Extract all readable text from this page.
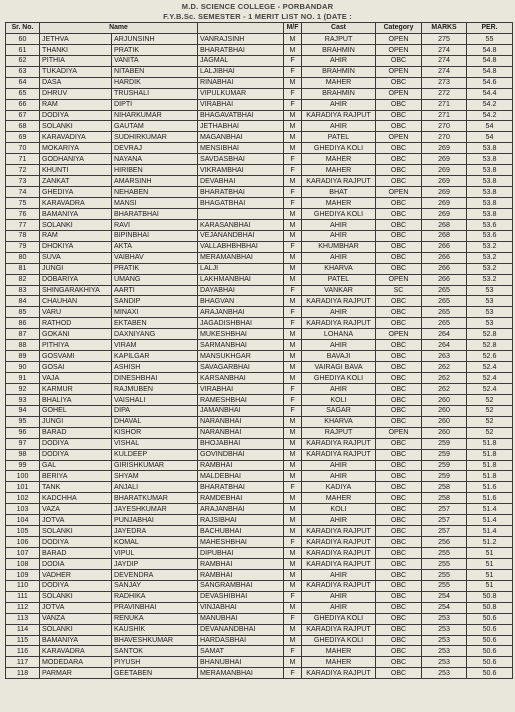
M.D. SCIENCE COLLEGE - PORBANDAR
F.Y.B.Sc. SEMESTER - 1 MERIT LIST NO. 1 (DATE :
Sr. No.	Name			M/F	Cast	Category	MARKS	PER.
60	JETHVA	ARJUNSINH	VANRAJSINH	M	RAJPUT	OPEN	275	55
61	THANKI	PRATIK	BHARATBHAI	M	BRAHMIN	OPEN	274	54.8
62	PITHIA	VANITA	JAGMAL	F	AHIR	OBC	274	54.8
63	TUKADIYA	NITABEN	LALJIBHAI	F	BRAHMIN	OPEN	274	54.8
64	DASA	HARDIK	RINABHAI	M	MAHER	OBC	273	54.6
65	DHRUV	TRUSHALI	VIPULKUMAR	F	BRAHMIN	OPEN	272	54.4
66	RAM	DIPTI	VIRABHAI	F	AHIR	OBC	271	54.2
67	DODIYA	NIHARKUMAR	BHAGAVATBHAI	M	KARADIYA RAJPUT	OBC	271	54.2
68	SOLANKI	GAUTAM	JETHABHAI	M	AHIR	OBC	270	54
69	KARAVADIYA	SUDHIRKUMAR	MAGANBHAI	M	PATEL	OPEN	270	54
70	MOKARIYA	DEVRAJ	MENSIBHAI	M	GHEDIYA KOLI	OBC	269	53.8
71	GODHANIYA	NAYANA	SAVDASBHAI	F	MAHER	OBC	269	53.8
72	KHUNTI	HIRIBEN	VIKRAMBHAI	F	MAHER	OBC	269	53.8
73	ZANKAT	AMARSINH	DEVABHAI	M	KARADIYA RAJPUT	OBC	269	53.8
74	GHEDIYA	NEHABEN	BHARATBHAI	F	BHAT	OPEN	269	53.8
75	KARAVADRA	MANSI	BHAGATBHAI	F	MAHER	OBC	269	53.8
76	BAMANIYA	BHARATBHAI		M	GHEDIYA KOLI	OBC	269	53.8
77	SOLANKI	RAVI	KARASANBHAI	M	AHIR	OBC	268	53.6
78	RAM	BIPINBHAI	VEJANANDBHAI	M	AHIR	OBC	268	53.6
79	DHOKIYA	AKTA	VALLABHBHBHAI	F	KHUMBHAR	OBC	266	53.2
80	SUVA	VAIBHAV	MERAMANBHAI	M	AHIR	OBC	266	53.2
81	JUNGI	PRATIK	LALJI	M	KHARVA	OBC	266	53.2
82	DOBARIYA	UMANG	LAKHMANBHAI	M	PATEL	OPEN	266	53.2
83	SHINGARAKHIYA	AARTI	DAYABHAI	F	VANKAR	SC	265	53
84	CHAUHAN	SANDIP	BHAGVAN	M	KARADIYA RAJPUT	OBC	265	53
85	VARU	MINAXI	ARAJANBHAI	F	AHIR	OBC	265	53
86	RATHOD	EKTABEN	JAGADISHBHAI	F	KARADIYA RAJPUT	OBC	265	53
87	GOKANI	DAXNIYANG	MUKESHBHAI	M	LOHANA	OPEN	264	52.8
88	PITHIYA	VIRAM	SARMANBHAI	M	AHIR	OBC	264	52.8
89	GOSVAMI	KAPILGAR	MANSUKHGAR	M	BAVAJI	OBC	263	52.6
90	GOSAI	ASHISH	SAVAGARBHAI	M	VAIRAGI BAVA	OBC	262	52.4
91	VAJA	DINESHBHAI	KARSANBHAI	M	GHEDIYA KOLI	OBC	262	52.4
92	KARMUR	RAJMUBEN	VIRABHAI	F	AHIR	OBC	262	52.4
93	BHALIYA	VAISHALI	RAMESHBHAI	F	KOLI	OBC	260	52
94	GOHEL	DIPA	JAMANBHAI	F	SAGAR	OBC	260	52
95	JUNGI	DHAVAL	NARANBHAI	M	KHARVA	OBC	260	52
96	BARAD	KISHOR	NARANBHAI	M	RAJPUT	OPEN	260	52
97	DODIYA	VISHAL	BHOJABHAI	M	KARADIYA RAJPUT	OBC	259	51.8
98	DODIYA	KULDEEP	GOVINDBHAI	M	KARADIYA RAJPUT	OBC	259	51.8
99	GAL	GIRISHKUMAR	RAMBHAI	M	AHIR	OBC	259	51.8
100	BERIYA	SHYAM	MALDEBHAI	M	AHIR	OBC	259	51.8
101	TANK	ANJALI	BHARATBHAI	F	KADIYA	OBC	258	51.6
102	KADCHHA	BHARATKUMAR	RAMDEBHAI	M	MAHER	OBC	258	51.6
103	VAZA	JAYESHKUMAR	ARAJANBHAI	M	KOLI	OBC	257	51.4
104	JOTVA	PUNJABHAI	RAJSIBHAI	M	AHIR	OBC	257	51.4
105	SOLANKI	JAYEDRA	BACHUBHAI	M	KARADIYA RAJPUT	OBC	257	51.4
106	DODIYA	KOMAL	MAHESHBHAI	F	KARADIYA RAJPUT	OBC	256	51.2
107	BARAD	VIPUL	DIPUBHAI	M	KARADIYA RAJPUT	OBC	255	51
108	DODIA	JAYDIP	RAMBHAI	M	KARADIYA RAJPUT	OBC	255	51
109	VADHER	DEVENDRA	RAMBHAI	M	AHIR	OBC	255	51
110	DODIYA	SANJAY	SANGRAMBHAI	M	KARADIYA RAJPUT	OBC	255	51
111	SOLANKI	RADHIKA	DEVASHIBHAI	F	AHIR	OBC	254	50.8
112	JOTVA	PRAVINBHAI	VINJABHAI	M	AHIR	OBC	254	50.8
113	VANZA	RENUKA	MANUBHAI	F	GHEDIYA KOLI	OBC	253	50.6
114	SOLANKI	KAUSHIK	DEVANANDBHAI	M	KARADIYA RAJPUT	OBC	253	50.6
115	BAMANIYA	BHAVESHKUMAR	HARDASBHAI	M	GHEDIYA KOLI	OBC	253	50.6
116	KARAVADRA	SANTOK	SAMAT	F	MAHER	OBC	253	50.6
117	MODEDARA	PIYUSH	BHANUBHAI	M	MAHER	OBC	253	50.6
118	PARMAR	GEETABEN	MERAMANBHAI	F	KARADIYA RAJPUT	OBC	253	50.6
